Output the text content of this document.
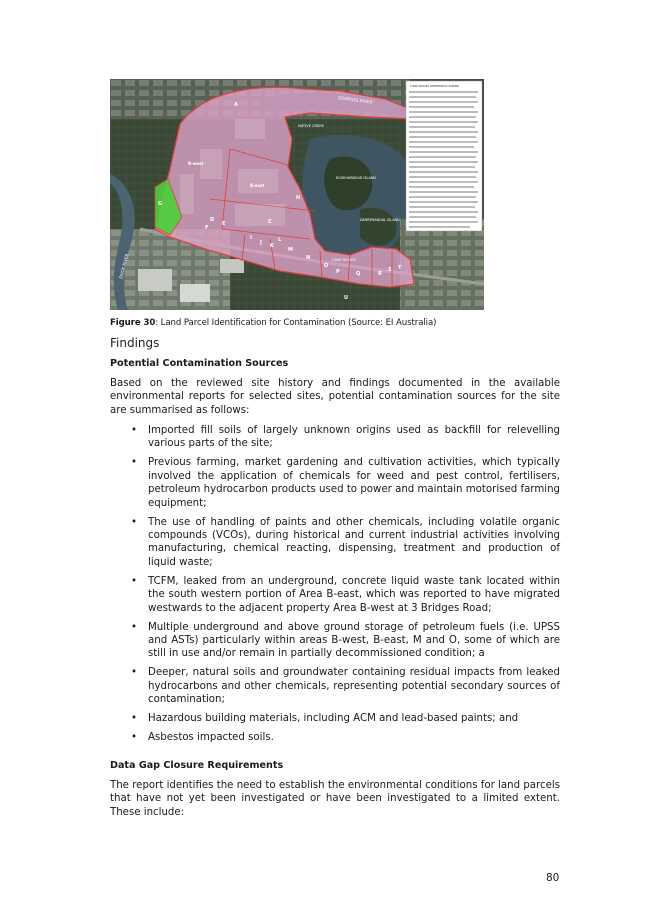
GEORGES RIVER
DUCK RIVER
NATIVE CREEK
ROSEHARBOUR ISLAND
DARRYMANGAL ISLAND
LAKE MOORE
A
B-west
B-east
G
C
D
E
F
H
I
J K
L
M
N
O
P	Q	R
S T
U
LAND PARCEL REFERENCE LEGEND
Figure 30: Land Parcel Identification for Contamination (Source: EI Australia)
Findings
Potential Contamination Sources

Based on the reviewed site history and findings documented in the available environmental reports for selected sites, potential contamination sources for the site are summarised as follows:

• Imported fill soils of largely unknown origins used as backfill for relevelling various parts of the site;
• Previous farming, market gardening and cultivation activities, which typically involved the application of chemicals for weed and pest control, fertilisers, petroleum hydrocarbon products used to power and maintain motorised farming equipment;
• The use of handling of paints and other chemicals, including volatile organic compounds (VCOs), during historical and current industrial activities involving manufacturing, chemical reacting, dispensing, treatment and production of liquid waste;
• TCFM, leaked from an underground, concrete liquid waste tank located within the south western portion of Area B-east, which was reported to have migrated westwards to the adjacent property Area B-west at 3 Bridges Road;
• Multiple underground and above ground storage of petroleum fuels (i.e. UPSS and ASTs) particularly within areas B-west, B-east, M and O, some of which are still in use and/or remain in partially decommissioned condition; a
• Deeper, natural soils and groundwater containing residual impacts from leaked hydrocarbons and other chemicals, representing potential secondary sources of contamination;
• Hazardous building materials, including ACM and lead-based paints; and
• Asbestos impacted soils.
Data Gap Closure Requirements

The report identifies the need to establish the environmental conditions for land parcels that have not yet been investigated or have been investigated to a limited extent. These include:

80
